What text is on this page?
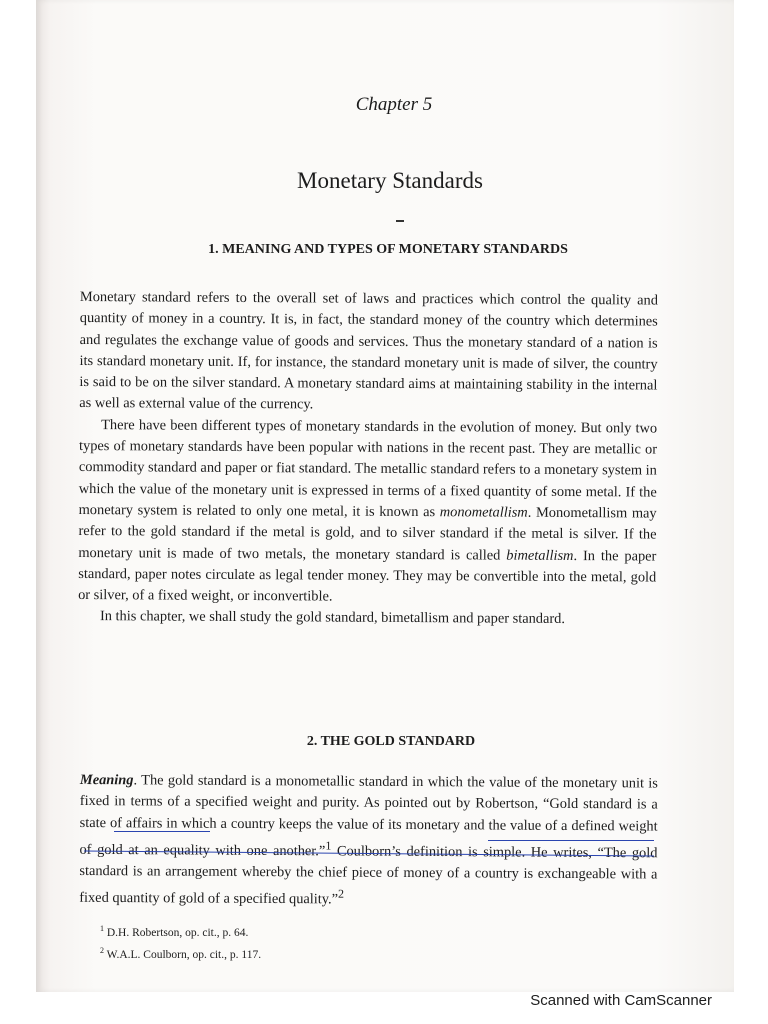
Chapter 5
Monetary Standards
1. MEANING AND TYPES OF MONETARY STANDARDS

Monetary standard refers to the overall set of laws and practices which control the quality and quantity of money in a country. It is, in fact, the standard money of the country which determines and regulates the exchange value of goods and services. Thus the monetary standard of a nation is its standard monetary unit. If, for instance, the standard monetary unit is made of silver, the country is said to be on the silver standard. A monetary standard aims at maintaining stability in the internal as well as external value of the currency.

There have been different types of monetary standards in the evolution of money. But only two types of monetary standards have been popular with nations in the recent past. They are metallic or commodity standard and paper or fiat standard. The metallic standard refers to a monetary system in which the value of the monetary unit is expressed in terms of a fixed quantity of some metal. If the monetary system is related to only one metal, it is known as monometallism. Monometallism may refer to the gold standard if the metal is gold, and to silver standard if the metal is silver. If the monetary unit is made of two metals, the monetary standard is called bimetallism. In the paper standard, paper notes circulate as legal tender money. They may be convertible into the metal, gold or silver, of a fixed weight, or inconvertible.

In this chapter, we shall study the gold standard, bimetallism and paper standard.

2. THE GOLD STANDARD

Meaning. The gold standard is a monometallic standard in which the value of the monetary unit is fixed in terms of a specified weight and purity. As pointed out by Robertson, “Gold standard is a state of affairs in which a country keeps the value of its monetary and the value of a defined weight of gold at an equality with one another.”$^1$ Coulborn’s definition is simple. He writes, “The gold standard is an arrangement whereby the chief piece of money of a country is exchangeable with a fixed quantity of gold of a specified quality.”$^2$

$^1$ D.H. Robertson, op. cit., p. 64.
$^2$ W.A.L. Coulborn, op. cit., p. 117.
Scanned with CamScanner
